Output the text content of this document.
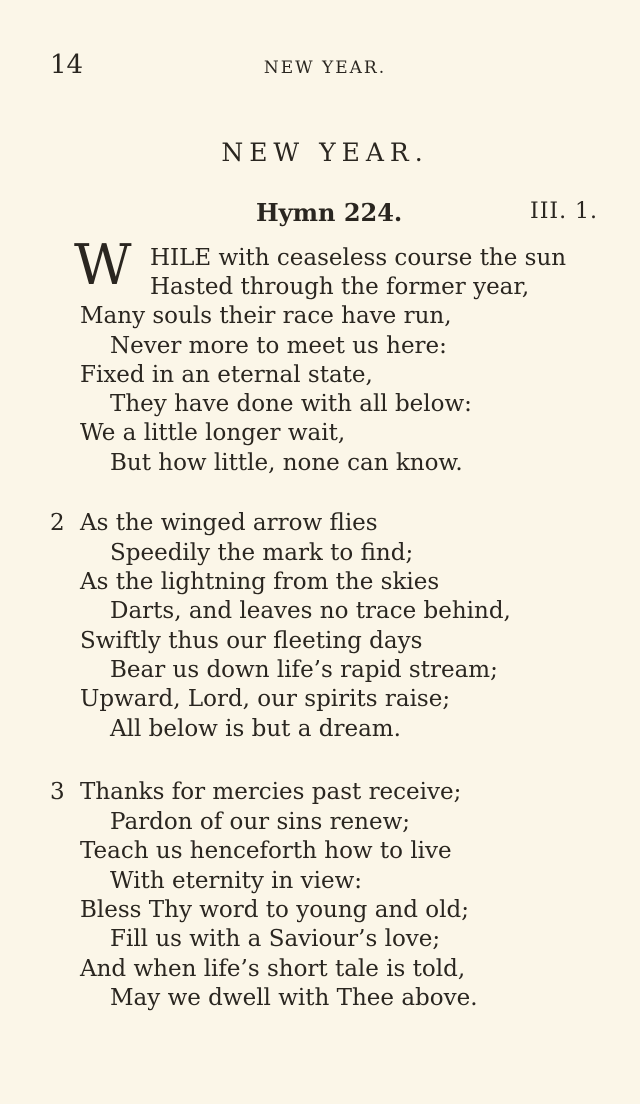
14	NEW YEAR.
NEW YEAR.
Hymn 224.	III. 1.
W HILE with ceaseless course the sun
Hasted through the former year,
Many souls their race have run,
Never more to meet us here:
Fixed in an eternal state,
They have done with all below:
We a little longer wait,
But how little, none can know.
2 As the winged arrow flies
Speedily the mark to find;
As the lightning from the skies
Darts, and leaves no trace behind,
Swiftly thus our fleeting days
Bear us down life’s rapid stream;
Upward, Lord, our spirits raise;
All below is but a dream.
3 Thanks for mercies past receive;
Pardon of our sins renew;
Teach us henceforth how to live
With eternity in view:
Bless Thy word to young and old;
Fill us with a Saviour’s love;
And when life’s short tale is told,
May we dwell with Thee above.
